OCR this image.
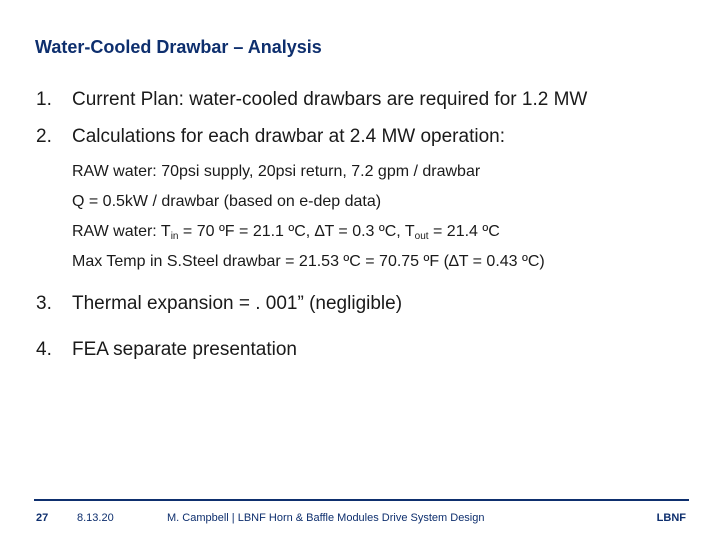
Water-Cooled Drawbar – Analysis
1. Current Plan: water-cooled drawbars are required for 1.2 MW
2. Calculations for each drawbar at 2.4 MW operation:
RAW water: 70psi supply, 20psi return, 7.2 gpm / drawbar
Q = 0.5kW / drawbar (based on e-dep data)
RAW water: $T_{in} = 70$ ºF = 21.1 ºC, ∆T = 0.3 ºC, $T_{out} = 21.4$ ºC
Max Temp in S.Steel drawbar = 21.53 ºC = 70.75 ºF (∆T = 0.43 ºC)
3. Thermal expansion = . 001” (negligible)
4. FEA separate presentation
27	8.13.20	M. Campbell | LBNF Horn & Baffle Modules Drive System Design	LBNF
